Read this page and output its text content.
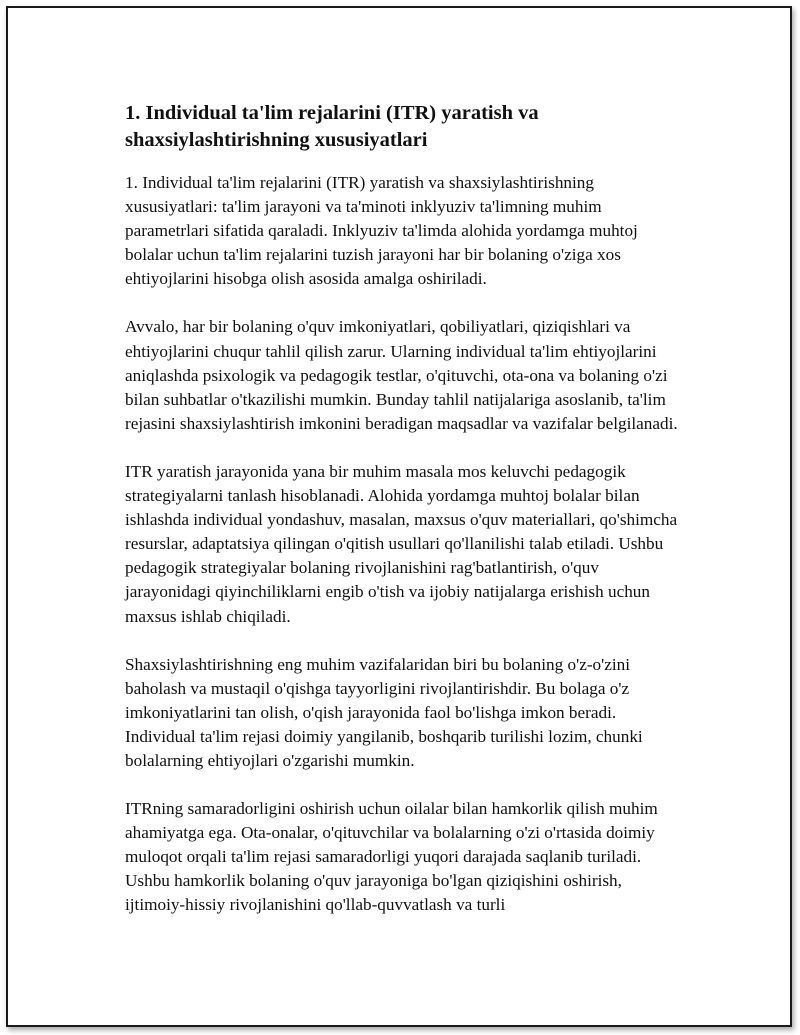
1. Individual ta'lim rejalarini (ITR) yaratish va shaxsiylashtirishning xususiyatlari

1. Individual ta'lim rejalarini (ITR) yaratish va shaxsiylashtirishning xususiyatlari: ta'lim jarayoni va ta'minoti inklyuziv ta'limning muhim parametrlari sifatida qaraladi. Inklyuziv ta'limda alohida yordamga muhtoj bolalar uchun ta'lim rejalarini tuzish jarayoni har bir bolaning o'ziga xos ehtiyojlarini hisobga olish asosida amalga oshiriladi.

Avvalo, har bir bolaning o'quv imkoniyatlari, qobiliyatlari, qiziqishlari va ehtiyojlarini chuqur tahlil qilish zarur. Ularning individual ta'lim ehtiyojlarini aniqlashda psixologik va pedagogik testlar, o'qituvchi, ota-ona va bolaning o'zi bilan suhbatlar o'tkazilishi mumkin. Bunday tahlil natijalariga asoslanib, ta'lim rejasini shaxsiylashtirish imkonini beradigan maqsadlar va vazifalar belgilanadi.

ITR yaratish jarayonida yana bir muhim masala mos keluvchi pedagogik strategiyalarni tanlash hisoblanadi. Alohida yordamga muhtoj bolalar bilan ishlashda individual yondashuv, masalan, maxsus o'quv materiallari, qo'shimcha resurslar, adaptatsiya qilingan o'qitish usullari qo'llanilishi talab etiladi. Ushbu pedagogik strategiyalar bolaning rivojlanishini rag'batlantirish, o'quv jarayonidagi qiyinchiliklarni engib o'tish va ijobiy natijalarga erishish uchun maxsus ishlab chiqiladi.

Shaxsiylashtirishning eng muhim vazifalaridan biri bu bolaning o'z-o'zini baholash va mustaqil o'qishga tayyorligini rivojlantirishdir. Bu bolaga o'z imkoniyatlarini tan olish, o'qish jarayonida faol bo'lishga imkon beradi. Individual ta'lim rejasi doimiy yangilanib, boshqarib turilishi lozim, chunki bolalarning ehtiyojlari o'zgarishi mumkin.

ITRning samaradorligini oshirish uchun oilalar bilan hamkorlik qilish muhim ahamiyatga ega. Ota-onalar, o'qituvchilar va bolalarning o'zi o'rtasida doimiy muloqot orqali ta'lim rejasi samaradorligi yuqori darajada saqlanib turiladi. Ushbu hamkorlik bolaning o'quv jarayoniga bo'lgan qiziqishini oshirish, ijtimoiy-hissiy rivojlanishini qo'llab-quvvatlash va turli
